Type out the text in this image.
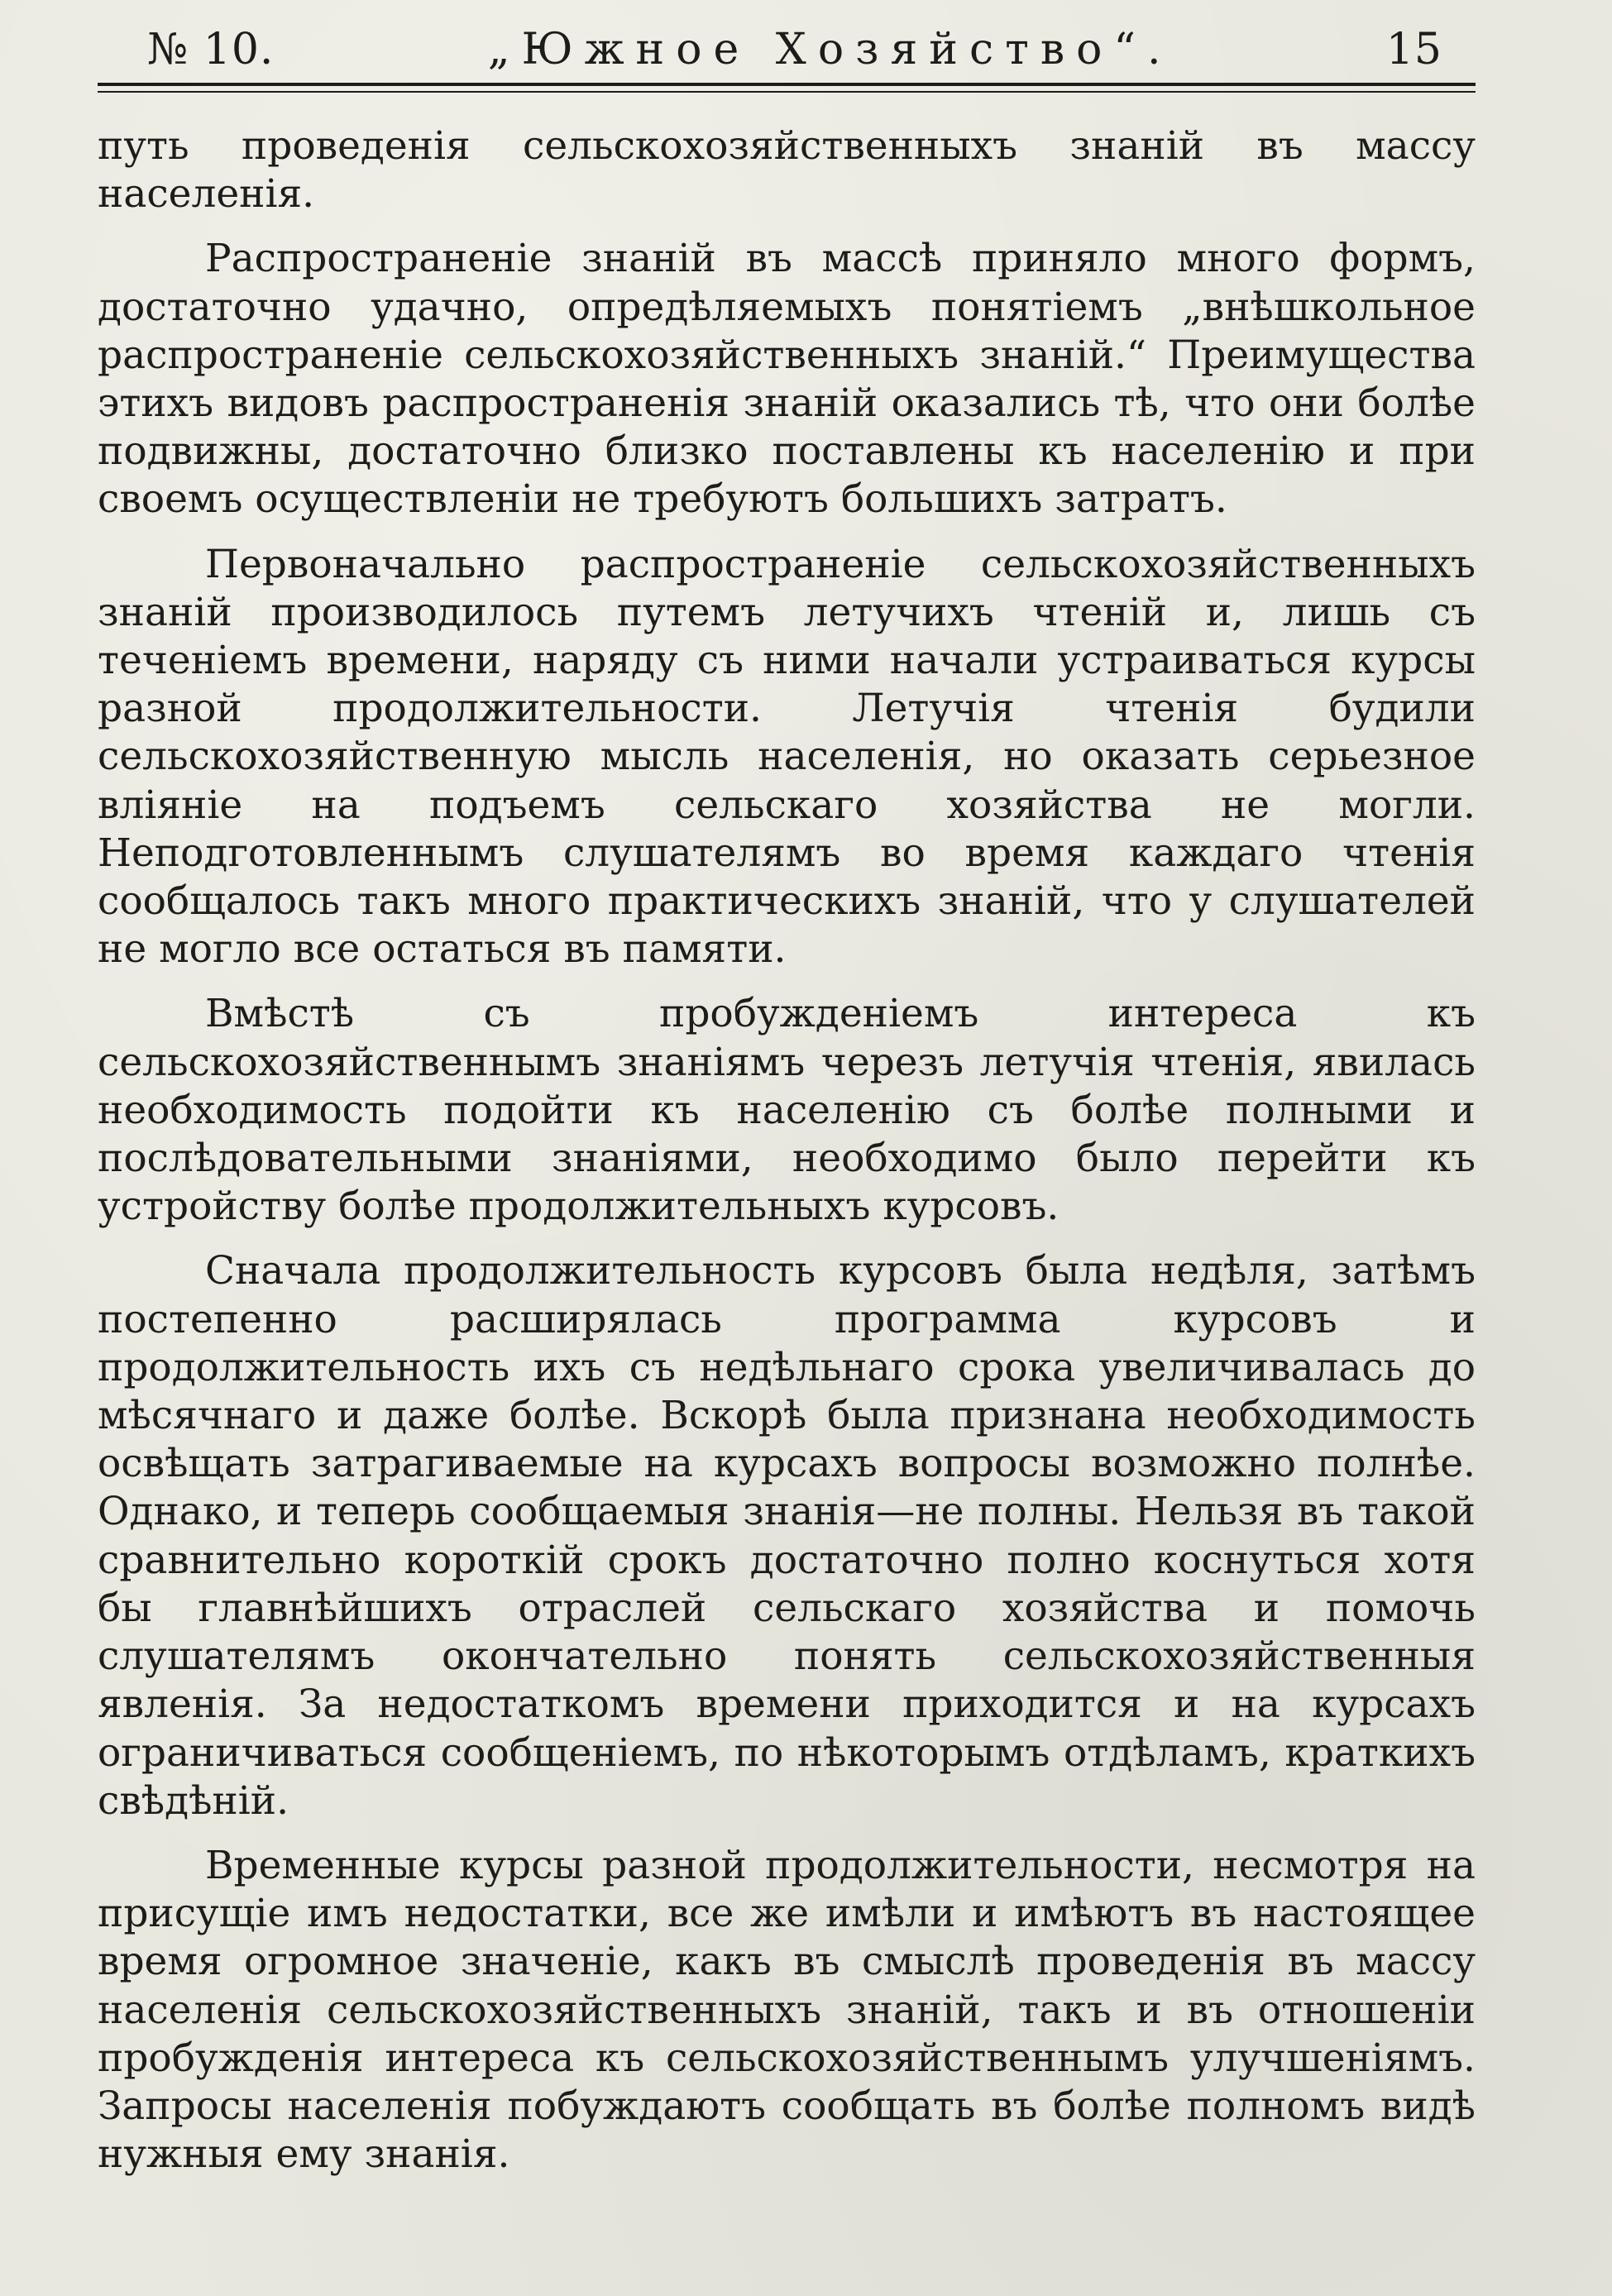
№ 10.	„Южное Хозяйство“.	15

путь проведенія сельскохозяйственныхъ знаній въ массу населенія.

Распространеніе знаній въ массѣ приняло много формъ, достаточно удачно, опредѣляемыхъ понятіемъ „внѣшкольное распространеніе сельскохозяйственныхъ знаній.“ Преимущества этихъ видовъ распространенія знаній оказались тѣ, что они болѣе подвижны, достаточно близко поставлены къ населенію и при своемъ осуществленіи не требуютъ большихъ затратъ.

Первоначально распространеніе сельскохозяйственныхъ знаній производилось путемъ летучихъ чтеній и, лишь съ теченіемъ времени, наряду съ ними начали устраиваться курсы разной продолжительности. Летучія чтенія будили сельскохозяйственную мысль населенія, но оказать серьезное вліяніе на подъемъ сельскаго хозяйства не могли. Неподготовленнымъ слушателямъ во время каждаго чтенія сообщалось такъ много практическихъ знаній, что у слушателей не могло все остаться въ памяти.

Вмѣстѣ съ пробужденіемъ интереса къ сельскохозяйственнымъ знаніямъ черезъ летучія чтенія, явилась необходимость подойти къ населенію съ болѣе полными и послѣдовательными знаніями, необходимо было перейти къ устройству болѣе продолжительныхъ курсовъ.

Сначала продолжительность курсовъ была недѣля, затѣмъ постепенно расширялась программа курсовъ и продолжительность ихъ съ недѣльнаго срока увеличивалась до мѣсячнаго и даже болѣе. Вскорѣ была признана необходимость освѣщать затрагиваемые на курсахъ вопросы возможно полнѣе. Однако, и теперь сообщаемыя знанія—не полны. Нельзя въ такой сравнительно короткій срокъ достаточно полно коснуться хотя бы главнѣйшихъ отраслей сельскаго хозяйства и помочь слушателямъ окончательно понять сельскохозяйственныя явленія. За недостаткомъ времени приходится и на курсахъ ограничиваться сообщеніемъ, по нѣкоторымъ отдѣламъ, краткихъ свѣдѣній.

Временные курсы разной продолжительности, несмотря на присущіе имъ недостатки, все же имѣли и имѣютъ въ настоящее время огромное значеніе, какъ въ смыслѣ проведенія въ массу населенія сельскохозяйственныхъ знаній, такъ и въ отношеніи пробужденія интереса къ сельскохозяйственнымъ улучшеніямъ. Запросы населенія побуждаютъ сообщать въ болѣе полномъ видѣ нужныя ему знанія.
